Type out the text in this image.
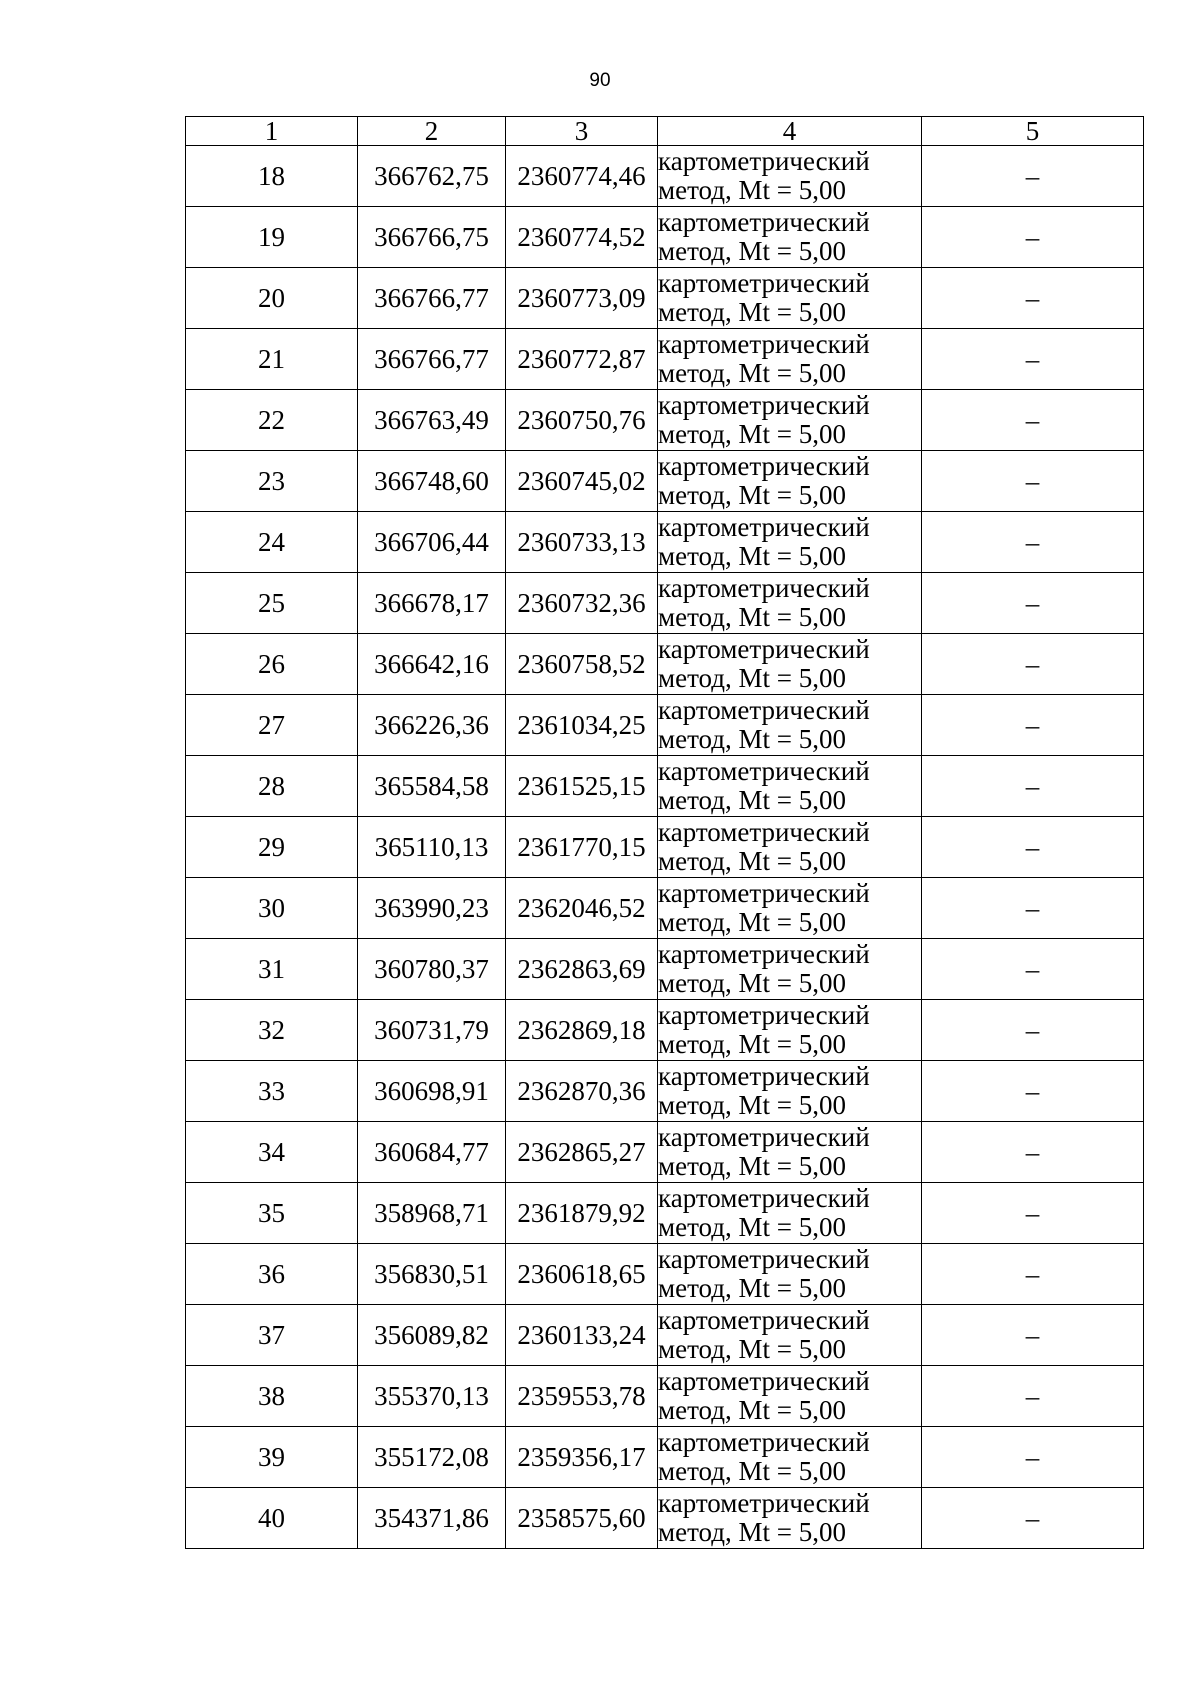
90
1	2	3	4	5
18	366762,75	2360774,46	картометрический
метод, Mt = 5,00	–
19	366766,75	2360774,52	картометрический
метод, Mt = 5,00	–
20	366766,77	2360773,09	картометрический
метод, Mt = 5,00	–
21	366766,77	2360772,87	картометрический
метод, Mt = 5,00	–
22	366763,49	2360750,76	картометрический
метод, Mt = 5,00	–
23	366748,60	2360745,02	картометрический
метод, Mt = 5,00	–
24	366706,44	2360733,13	картометрический
метод, Mt = 5,00	–
25	366678,17	2360732,36	картометрический
метод, Mt = 5,00	–
26	366642,16	2360758,52	картометрический
метод, Mt = 5,00	–
27	366226,36	2361034,25	картометрический
метод, Mt = 5,00	–
28	365584,58	2361525,15	картометрический
метод, Mt = 5,00	–
29	365110,13	2361770,15	картометрический
метод, Mt = 5,00	–
30	363990,23	2362046,52	картометрический
метод, Mt = 5,00	–
31	360780,37	2362863,69	картометрический
метод, Mt = 5,00	–
32	360731,79	2362869,18	картометрический
метод, Mt = 5,00	–
33	360698,91	2362870,36	картометрический
метод, Mt = 5,00	–
34	360684,77	2362865,27	картометрический
метод, Mt = 5,00	–
35	358968,71	2361879,92	картометрический
метод, Mt = 5,00	–
36	356830,51	2360618,65	картометрический
метод, Mt = 5,00	–
37	356089,82	2360133,24	картометрический
метод, Mt = 5,00	–
38	355370,13	2359553,78	картометрический
метод, Mt = 5,00	–
39	355172,08	2359356,17	картометрический
метод, Mt = 5,00	–
40	354371,86	2358575,60	картометрический
метод, Mt = 5,00	–
